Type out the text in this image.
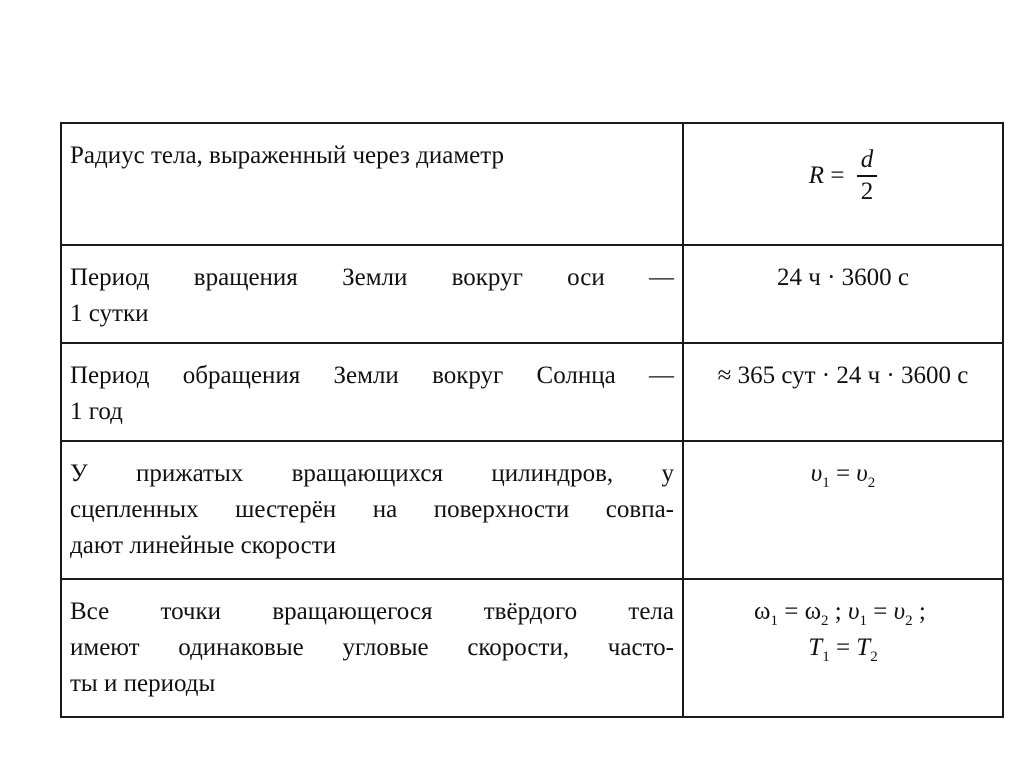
Радиус тела, выраженный через диаметр	$R = \frac{d}{2}$

Период вращения Земли вокруг оси —
1 сутки	24 ч · 3600 с

Период обращения Земли вокруг Солнца —
1 год	≈ 365 сут · 24 ч · 3600 с

У прижатых вращающихся цилиндров, у
сцепленных шестерён на поверхности совпа-
дают линейные скорости	$\upsilon_1 = \upsilon_2$

Все точки вращающегося твёрдого тела
имеют одинаковые угловые скорости, часто-
ты и периоды	$\omega_1 = \omega_2$ ; $\upsilon_1 = \upsilon_2$ ;
$T_1 = T_2$
